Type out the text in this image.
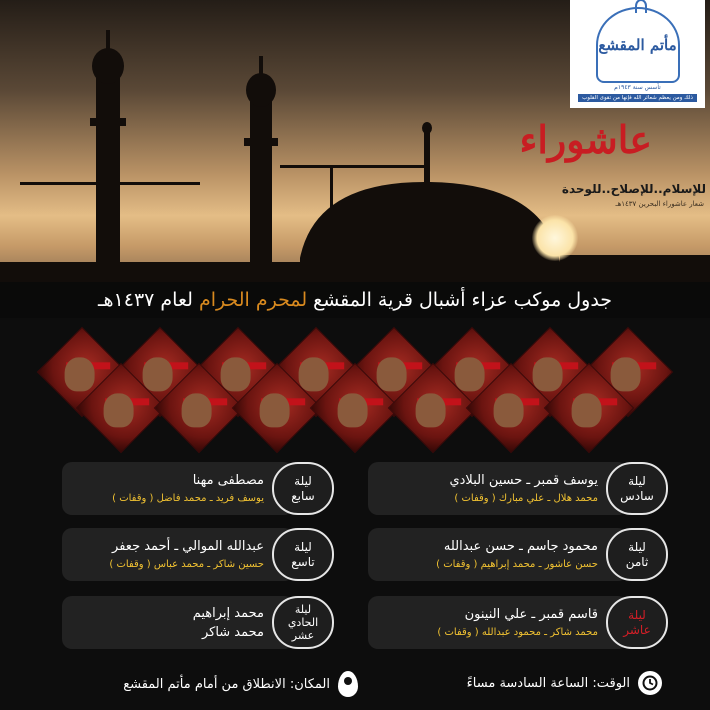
مأتم المقشع
تأسس سنة ١٩٤٣م
ذلك ومن يعظم شعائر الله فإنها من تقوى القلوب
عاشوراء
للإسلام..للإصلاح..للوحدة
شعار عاشوراء البحرين ١٤٣٧هـ
جدول موكب عزاء أشبال قرية المقشع
لمحرم الحرام
لعام ١٤٣٧هـ
يوسف قمبر ـ حسين البلادي
محمد هلال ـ علي مبارك ( وقفات )
ليلة
سادس
مصطفى مهنا
يوسف فريد ـ محمد فاضل ( وقفات )
ليلة
سابع
محمود جاسم ـ حسن عبدالله
حسن عاشور ـ محمد إبراهيم ( وقفات )
ليلة
ثامن
عبدالله الموالي ـ أحمد جعفر
حسين شاكر ـ محمد عباس ( وقفات )
ليلة
تاسع
قاسم قمبر ـ علي النينون
محمد شاكر ـ محمود عبدالله ( وقفات )
ليلة
عاشر
محمد إبراهيم
محمد شاكر
ليلة
الحادي
عشر
الوقت: الساعة السادسة مساءً
المكان: الانطلاق من أمام مأتم المقشع
